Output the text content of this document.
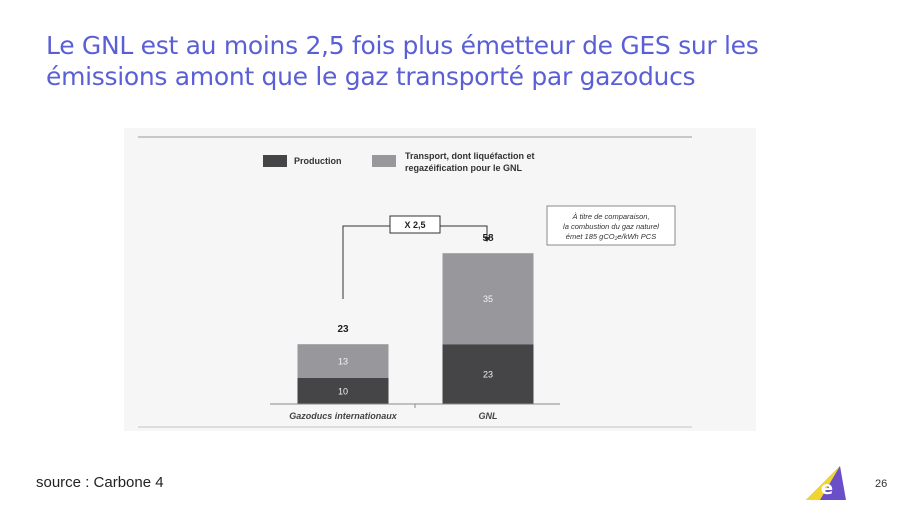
Le GNL est au moins 2,5 fois plus émetteur de GES sur les
émissions amont que le gaz transporté par gazoducs
Production	Transport, dont liquéfaction et
regazéification pour le GNL
À titre de comparaison,
la combustion du gaz naturel
émet 185 gCO₂e/kWh PCS
X 2,5
10
13
23
23
35
58
Gazoducs internationaux	GNL
source : Carbone 4	e	26
